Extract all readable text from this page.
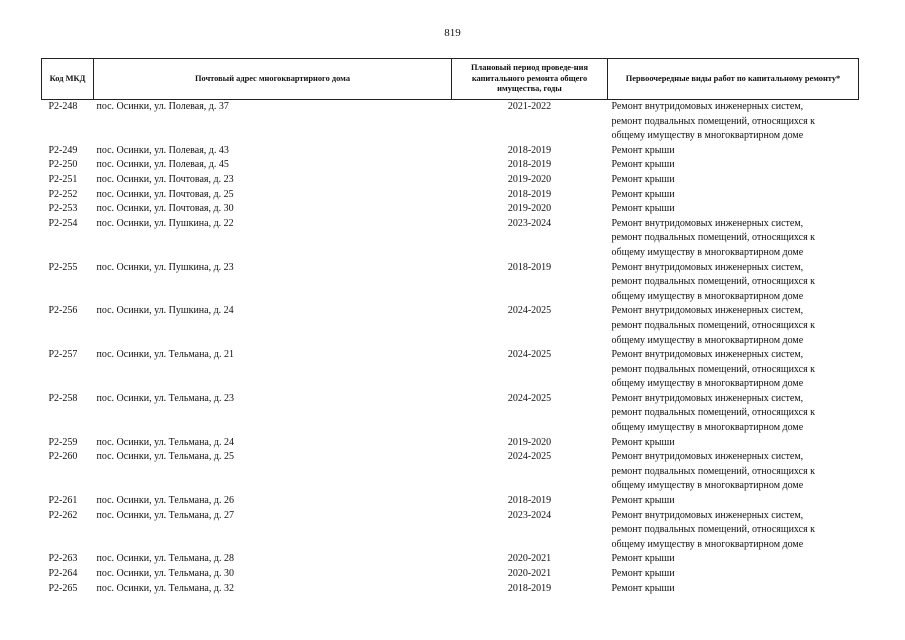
819
Код МКД	Почтовый адрес многоквартирного дома	Плановый период проведе-ния капитального ремонта общего имущества, годы	Первоочередные виды работ по капитальному ремонту*
Р2-248	пос. Осинки, ул. Полевая, д. 37	2021-2022	Ремонт внутридомовых инженерных систем,
ремонт подвальных помещений, относящихся к
общему имуществу в многоквартирном доме

Р2-249	пос. Осинки, ул. Полевая, д. 43	2018-2019	Ремонт крыши

Р2-250	пос. Осинки, ул. Полевая, д. 45	2018-2019	Ремонт крыши

Р2-251	пос. Осинки, ул. Почтовая, д. 23	2019-2020	Ремонт крыши

Р2-252	пос. Осинки, ул. Почтовая, д. 25	2018-2019	Ремонт крыши

Р2-253	пос. Осинки, ул. Почтовая, д. 30	2019-2020	Ремонт крыши

Р2-254	пос. Осинки, ул. Пушкина, д. 22	2023-2024	Ремонт внутридомовых инженерных систем,
ремонт подвальных помещений, относящихся к
общему имуществу в многоквартирном доме

Р2-255	пос. Осинки, ул. Пушкина, д. 23	2018-2019	Ремонт внутридомовых инженерных систем,
ремонт подвальных помещений, относящихся к
общему имуществу в многоквартирном доме

Р2-256	пос. Осинки, ул. Пушкина, д. 24	2024-2025	Ремонт внутридомовых инженерных систем,
ремонт подвальных помещений, относящихся к
общему имуществу в многоквартирном доме

Р2-257	пос. Осинки, ул. Тельмана, д. 21	2024-2025	Ремонт внутридомовых инженерных систем,
ремонт подвальных помещений, относящихся к
общему имуществу в многоквартирном доме

Р2-258	пос. Осинки, ул. Тельмана, д. 23	2024-2025	Ремонт внутридомовых инженерных систем,
ремонт подвальных помещений, относящихся к
общему имуществу в многоквартирном доме

Р2-259	пос. Осинки, ул. Тельмана, д. 24	2019-2020	Ремонт крыши

Р2-260	пос. Осинки, ул. Тельмана, д. 25	2024-2025	Ремонт внутридомовых инженерных систем,
ремонт подвальных помещений, относящихся к
общему имуществу в многоквартирном доме

Р2-261	пос. Осинки, ул. Тельмана, д. 26	2018-2019	Ремонт крыши

Р2-262	пос. Осинки, ул. Тельмана, д. 27	2023-2024	Ремонт внутридомовых инженерных систем,
ремонт подвальных помещений, относящихся к
общему имуществу в многоквартирном доме

Р2-263	пос. Осинки, ул. Тельмана, д. 28	2020-2021	Ремонт крыши

Р2-264	пос. Осинки, ул. Тельмана, д. 30	2020-2021	Ремонт крыши

Р2-265	пос. Осинки, ул. Тельмана, д. 32	2018-2019	Ремонт крыши
